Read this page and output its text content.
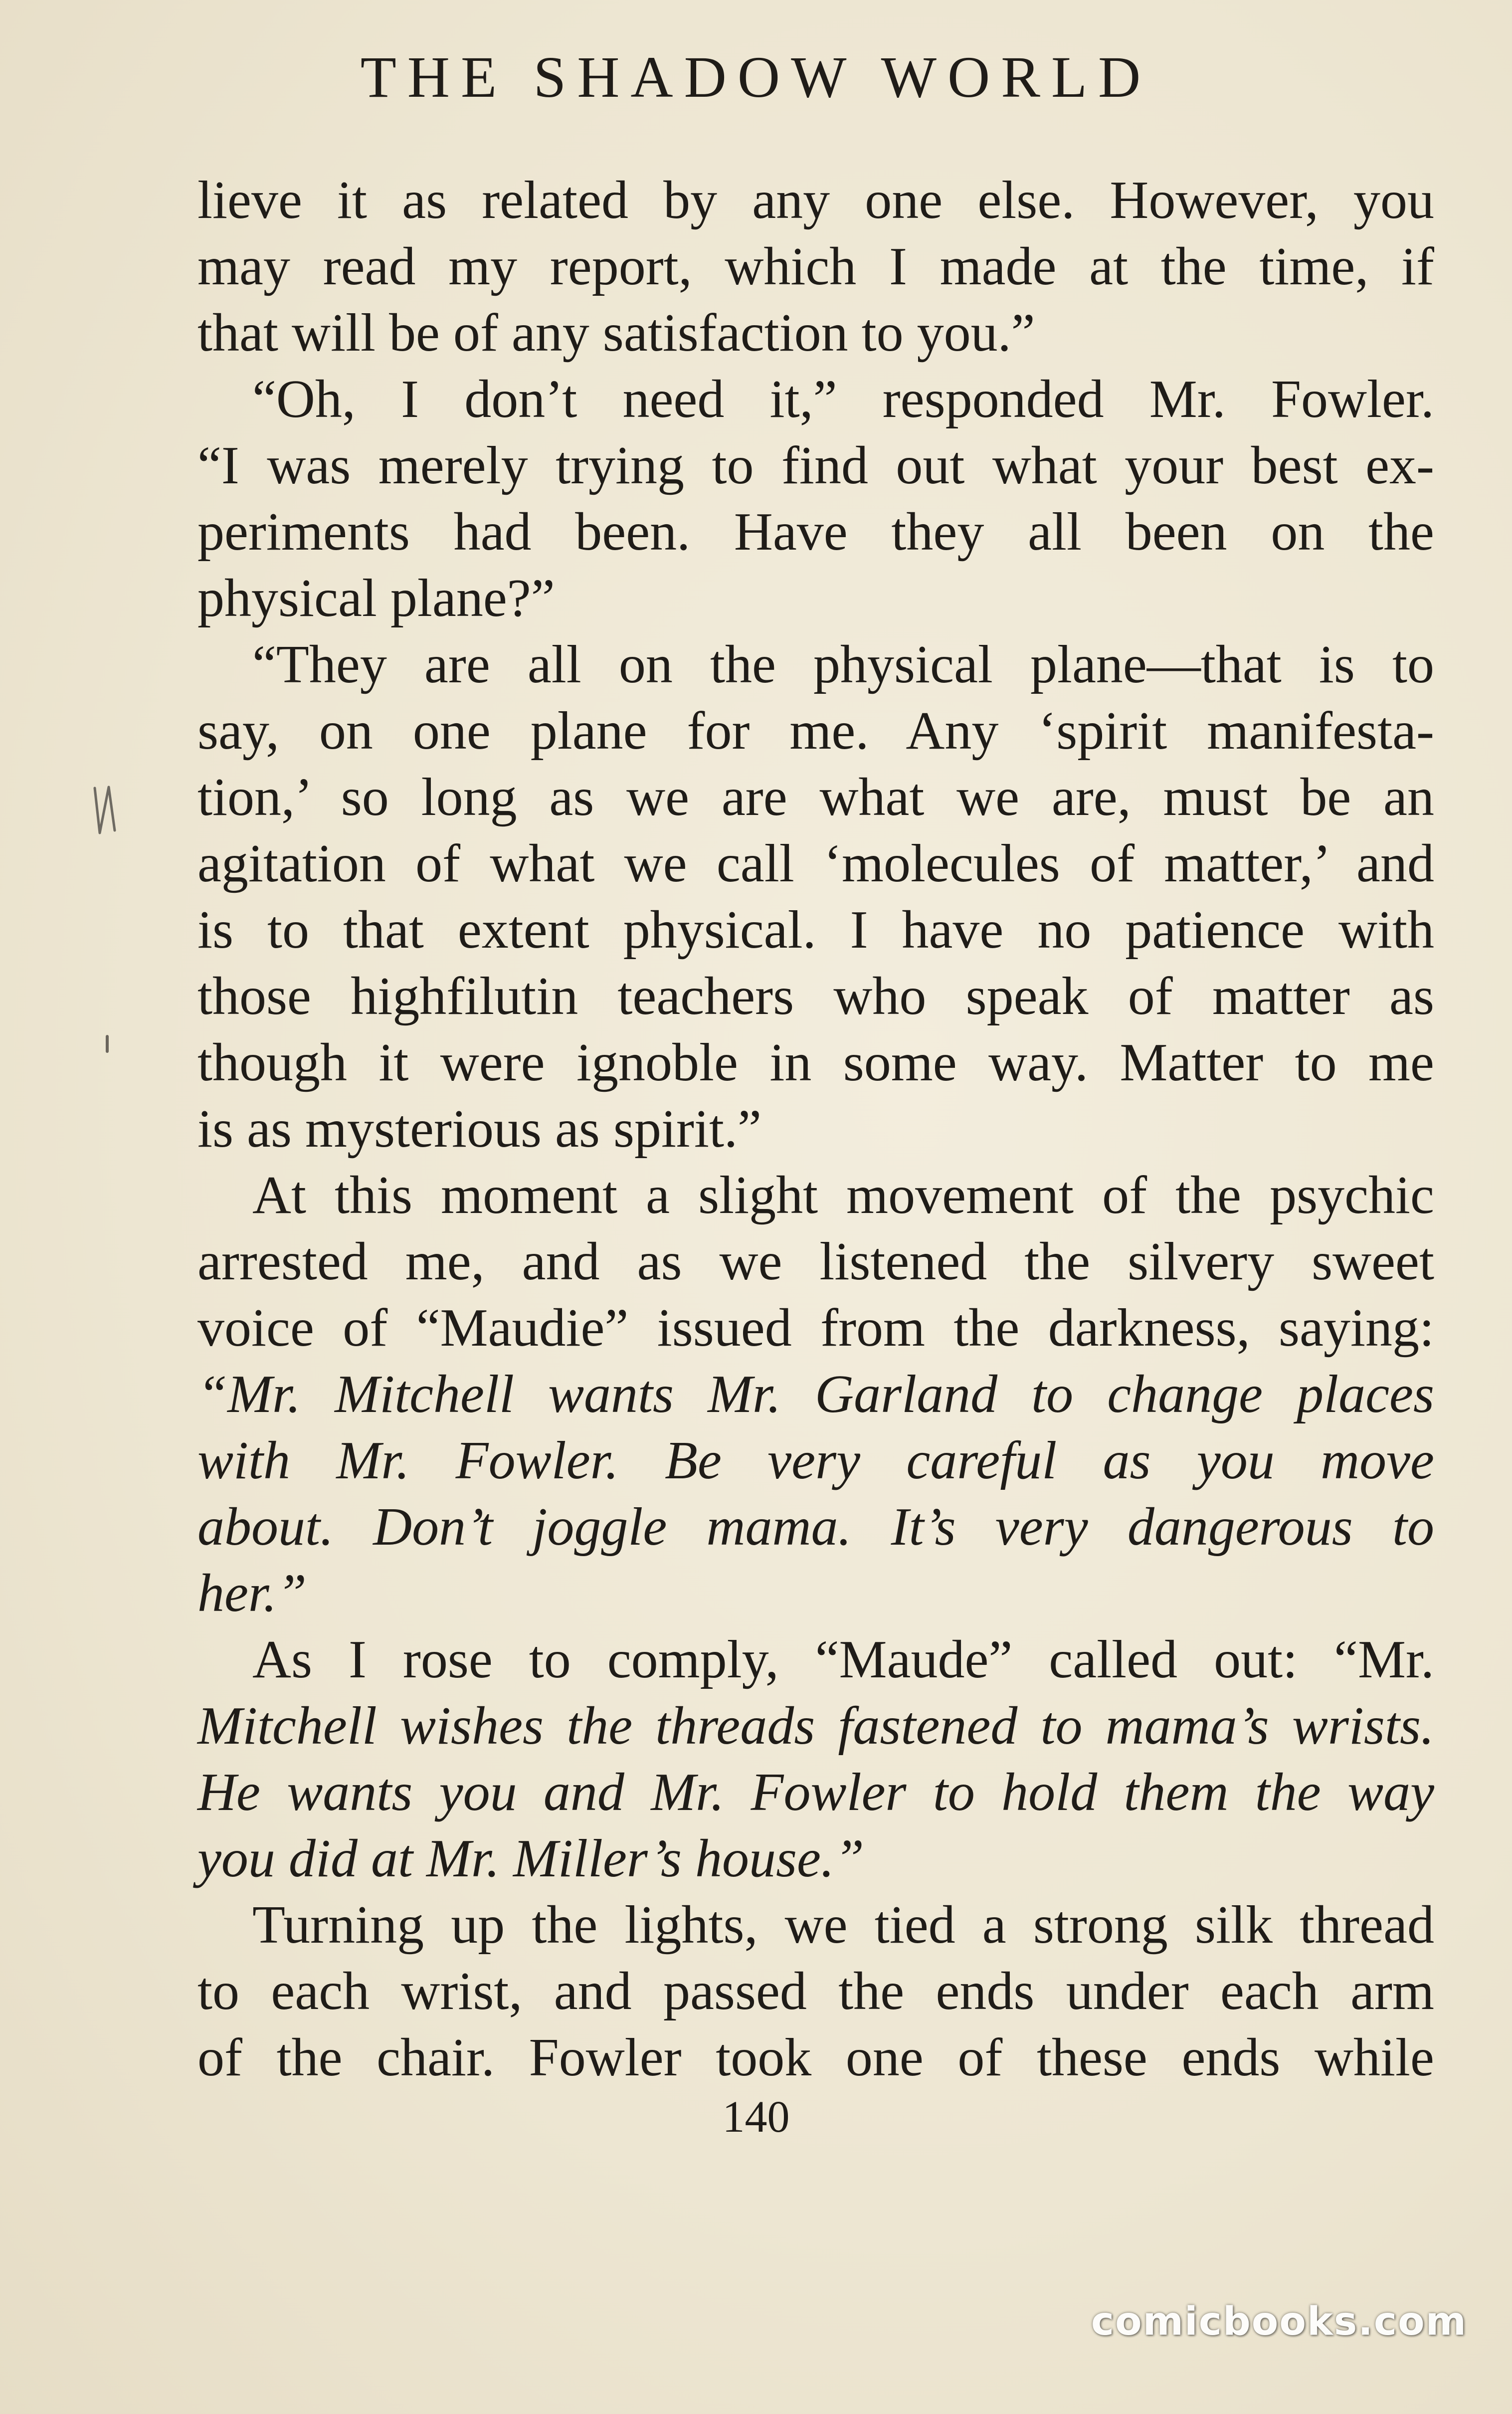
THE SHADOW WORLD
lieve it as related by any one else. However, you
may read my report, which I made at the time, if
that will be of any satisfaction to you.”
“Oh, I don’t need it,” responded Mr. Fowler.
“I was merely trying to find out what your best ex-
periments had been. Have they all been on the
physical plane?”
“They are all on the physical plane—that is to
say, on one plane for me. Any ‘spirit manifesta-
tion,’ so long as we are what we are, must be an
agitation of what we call ‘molecules of matter,’ and
is to that extent physical. I have no patience with
those highfilutin teachers who speak of matter as
though it were ignoble in some way. Matter to me
is as mysterious as spirit.”
At this moment a slight movement of the psychic
arrested me, and as we listened the silvery sweet
voice of “Maudie” issued from the darkness, saying:
“Mr. Mitchell wants Mr. Garland to change places
with Mr. Fowler. Be very careful as you move
about. Don’t joggle mama. It’s very dangerous to
her.”
As I rose to comply, “Maude” called out: “Mr.
Mitchell wishes the threads fastened to mama’s wrists.
He wants you and Mr. Fowler to hold them the way
you did at Mr. Miller’s house.”
Turning up the lights, we tied a strong silk thread
to each wrist, and passed the ends under each arm
of the chair. Fowler took one of these ends while
140
comicbooks.com
